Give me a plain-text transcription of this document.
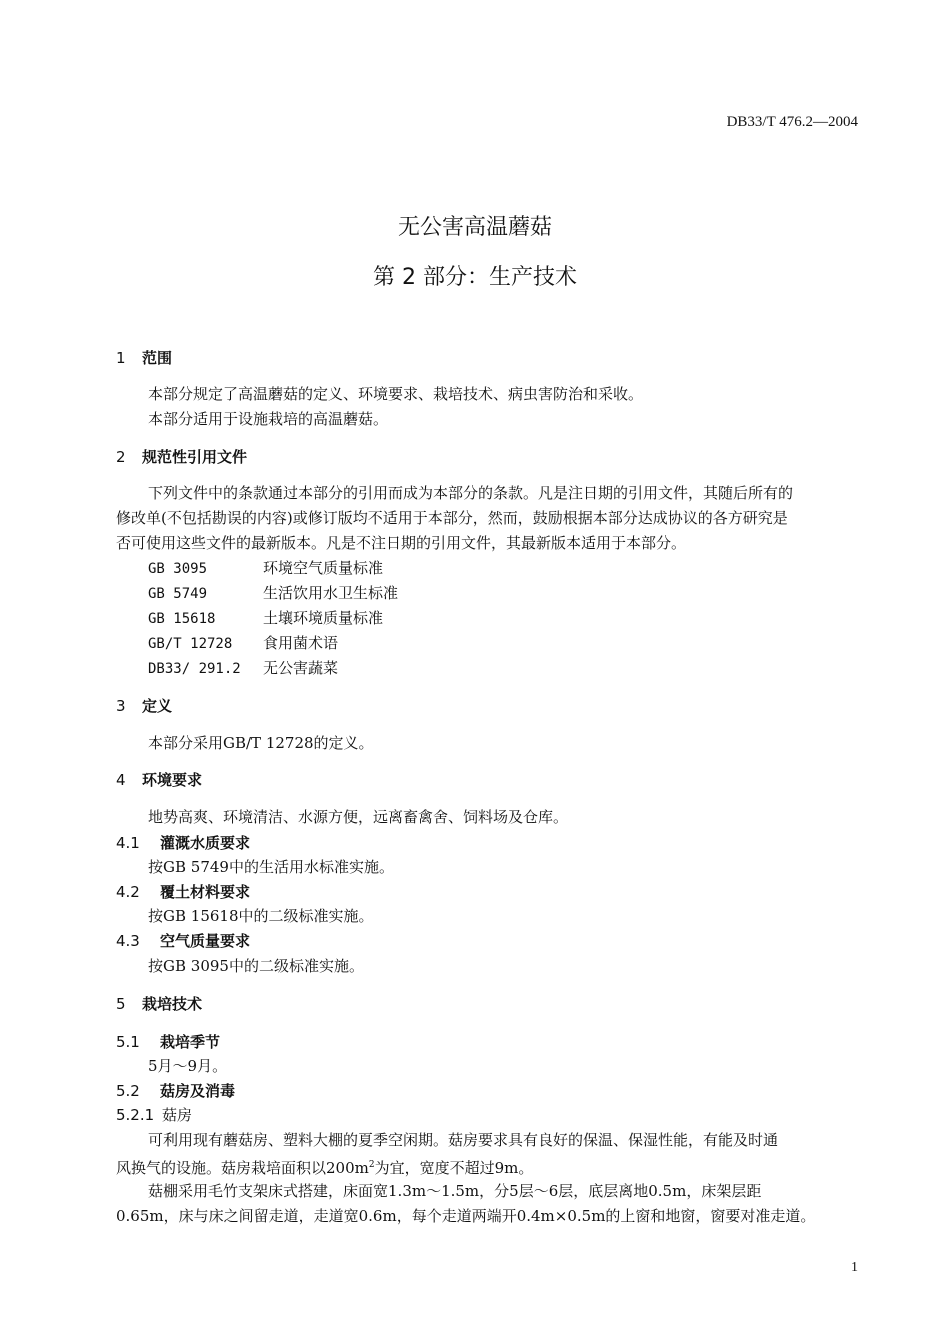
DB33/T 476.2—2004
无公害高温蘑菇
第 2 部分：生产技术
1 范围
本部分规定了高温蘑菇的定义、环境要求、栽培技术、病虫害防治和采收。
本部分适用于设施栽培的高温蘑菇。
2 规范性引用文件
下列文件中的条款通过本部分的引用而成为本部分的条款。凡是注日期的引用文件，其随后所有的
修改单(不包括勘误的内容)或修订版均不适用于本部分，然而，鼓励根据本部分达成协议的各方研究是
否可使用这些文件的最新版本。凡是不注日期的引用文件，其最新版本适用于本部分。
GB 3095	环境空气质量标准
GB 5749	生活饮用水卫生标准
GB 15618	土壤环境质量标准
GB/T 12728 食用菌术语
DB33/ 291.2 无公害蔬菜
3 定义
本部分采用GB/T 12728的定义。
4 环境要求
地势高爽、环境清洁、水源方便，远离畜禽舍、饲料场及仓库。
4.1 灌溉水质要求
按GB 5749中的生活用水标准实施。
4.2 覆土材料要求
按GB 15618中的二级标准实施。
4.3 空气质量要求
按GB 3095中的二级标准实施。
5 栽培技术
5.1 栽培季节
5月～9月。
5.2 菇房及消毒
5.2.1 菇房
可利用现有蘑菇房、塑料大棚的夏季空闲期。菇房要求具有良好的保温、保湿性能，有能及时通
风换气的设施。菇房栽培面积以$200m^2$为宜，宽度不超过9m。
菇棚采用毛竹支架床式搭建，床面宽1.3m～1.5m，分5层～6层，底层离地0.5m，床架层距
0.65m，床与床之间留走道，走道宽0.6m，每个走道两端开0.4m×0.5m的上窗和地窗，窗要对准走道。
1
